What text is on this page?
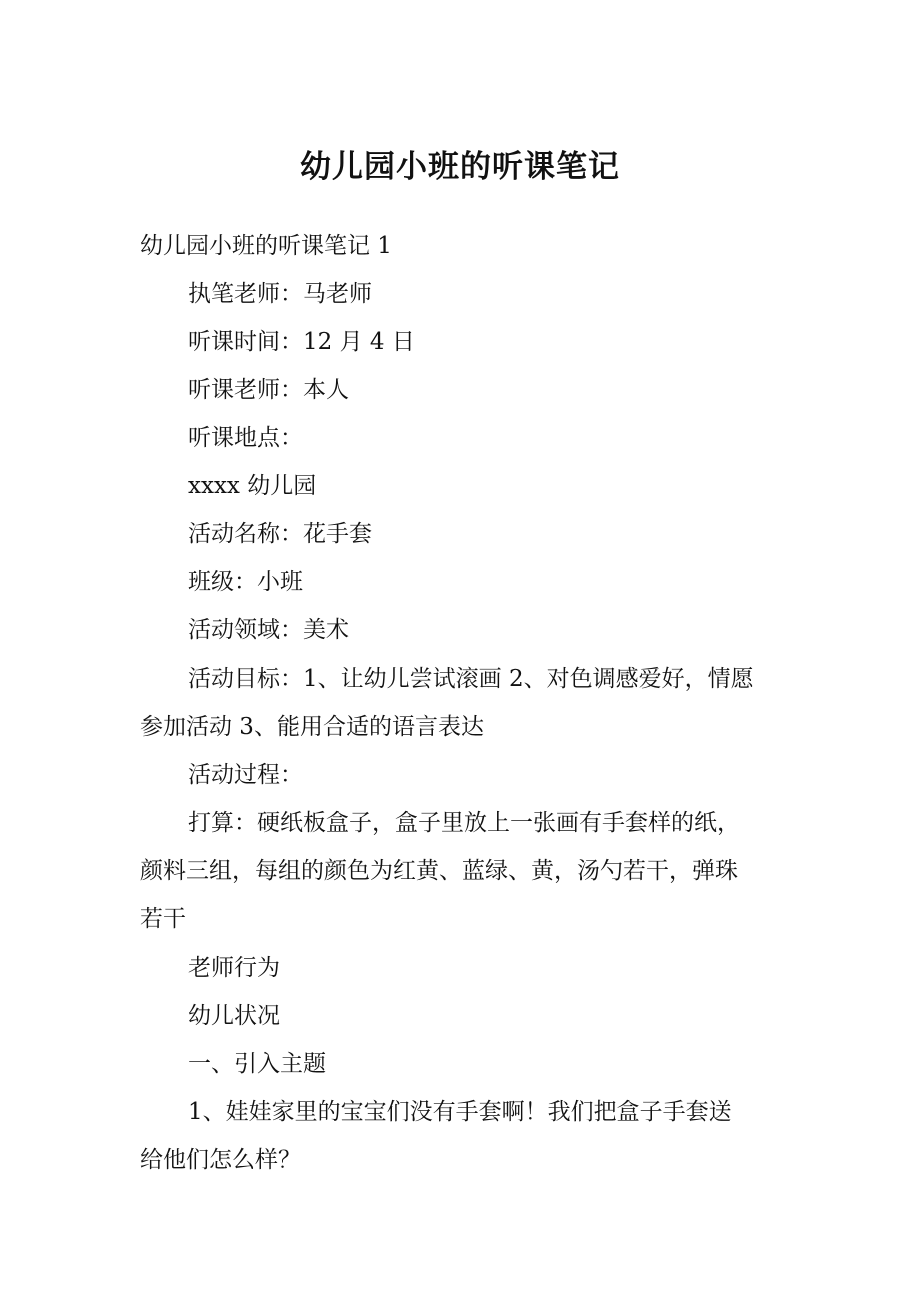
幼儿园小班的听课笔记

幼儿园小班的听课笔记 1

执笔老师：马老师

听课时间：12 月 4 日

听课老师：本人

听课地点：

xxxx 幼儿园

活动名称：花手套

班级：小班

活动领域：美术

活动目标：1、让幼儿尝试滚画 2、对色调感爱好，情愿

参加活动 3、能用合适的语言表达

活动过程：

打算：硬纸板盒子，盒子里放上一张画有手套样的纸，

颜料三组，每组的颜色为红黄、蓝绿、黄，汤勺若干，弹珠

若干

老师行为

幼儿状况

一、引入主题

1、娃娃家里的宝宝们没有手套啊！我们把盒子手套送

给他们怎么样？
